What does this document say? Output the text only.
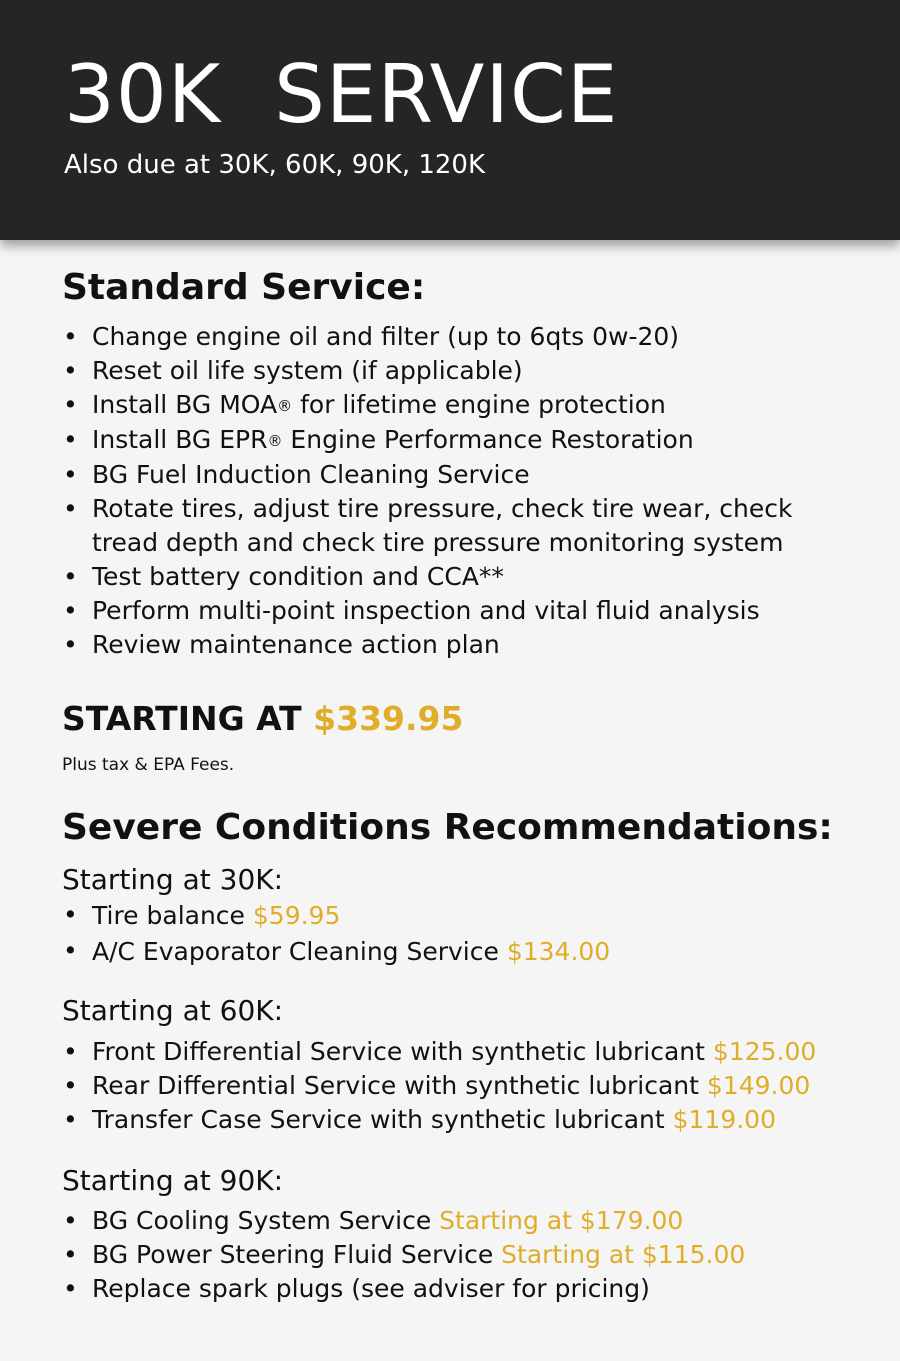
30K  SERVICE

Also due at 30K, 60K, 90K, 120K

Standard Service:
• Change engine oil and filter (up to 6qts 0w-20)
• Reset oil life system (if applicable)
• Install BG MOA® for lifetime engine protection
• Install BG EPR® Engine Performance Restoration
• BG Fuel Induction Cleaning Service
• Rotate tires, adjust tire pressure, check tire wear, check tread depth and check tire pressure monitoring system
• Test battery condition and CCA**
• Perform multi-point inspection and vital fluid analysis
• Review maintenance action plan

STARTING AT $339.95

Plus tax & EPA Fees.

Severe Conditions Recommendations:

Starting at 30K:

• Tire balance $59.95
• A/C Evaporator Cleaning Service $134.00

Starting at 60K:

• Front Differential Service with synthetic lubricant $125.00
• Rear Differential Service with synthetic lubricant $149.00
• Transfer Case Service with synthetic lubricant $119.00

Starting at 90K:

• BG Cooling System Service Starting at $179.00
• BG Power Steering Fluid Service Starting at $115.00
• Replace spark plugs (see adviser for pricing)
